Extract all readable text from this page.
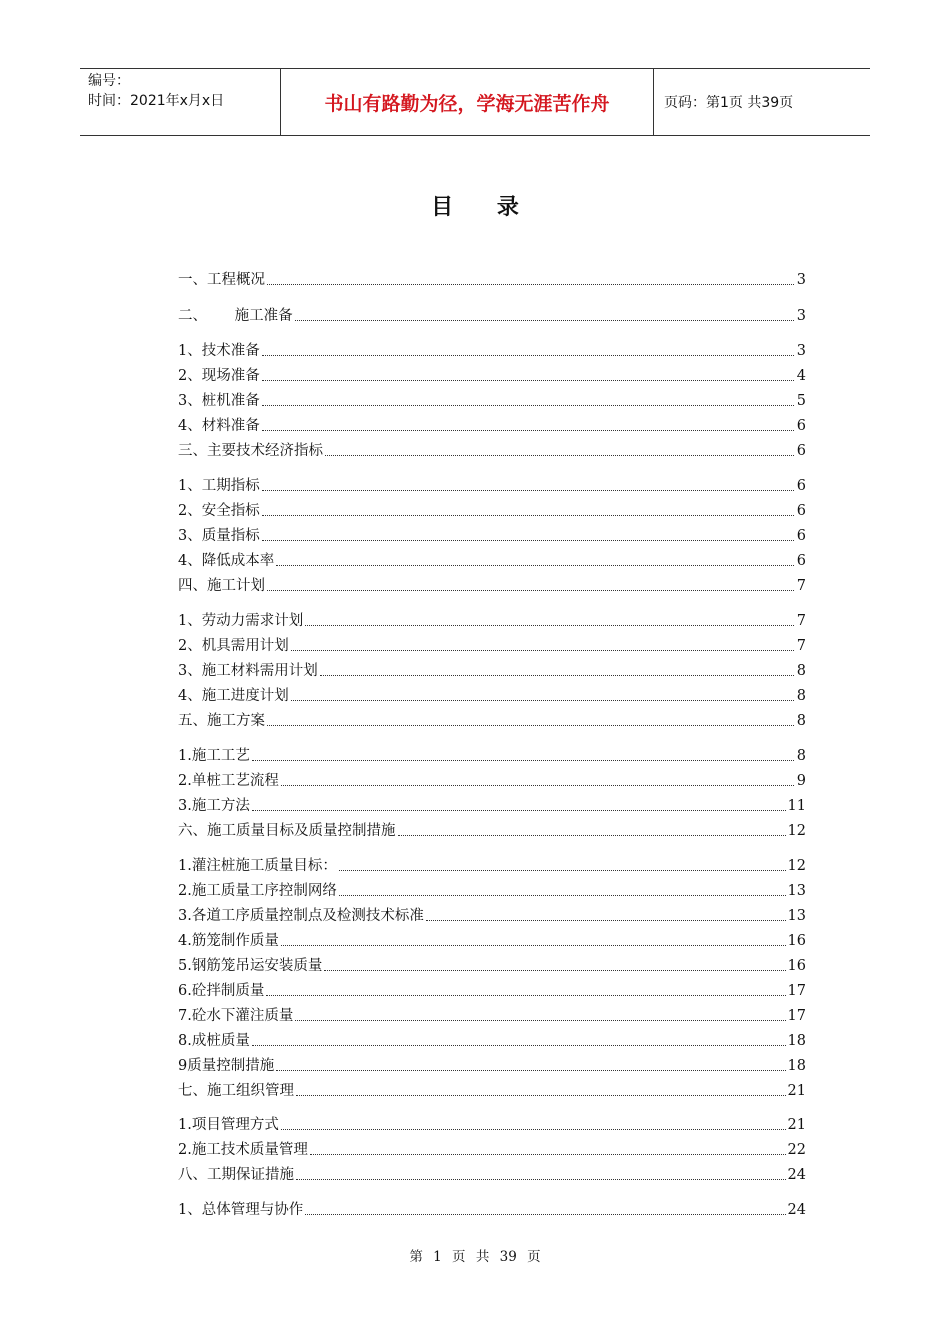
编号：
时间：2021年x月x日	书山有路勤为径，学海无涯苦作舟	页码：第1页 共39页
目 录
一、工程概况	3
二、      施工准备	3
1、技术准备	3
2、现场准备	4
3、桩机准备	5
4、材料准备	6
三、主要技术经济指标	6
1、工期指标	6
2、安全指标	6
3、质量指标	6
4、降低成本率	6
四、施工计划	7
1、劳动力需求计划	7
2、机具需用计划	7
3、施工材料需用计划	8
4、施工进度计划	8
五、施工方案	8
1.施工工艺	8
2.单桩工艺流程	9
3.施工方法	11
六、施工质量目标及质量控制措施	12
1.灌注桩施工质量目标：	12
2.施工质量工序控制网络	13
3.各道工序质量控制点及检测技术标准	13
4.筋笼制作质量	16
5.钢筋笼吊运安装质量	16
6.砼拌制质量	17
7.砼水下灌注质量	17
8.成桩质量	18
9质量控制措施	18
七、施工组织管理	21
1.项目管理方式	21
2.施工技术质量管理	22
八、工期保证措施	24
1、总体管理与协作	24
第 1 页 共 39 页
